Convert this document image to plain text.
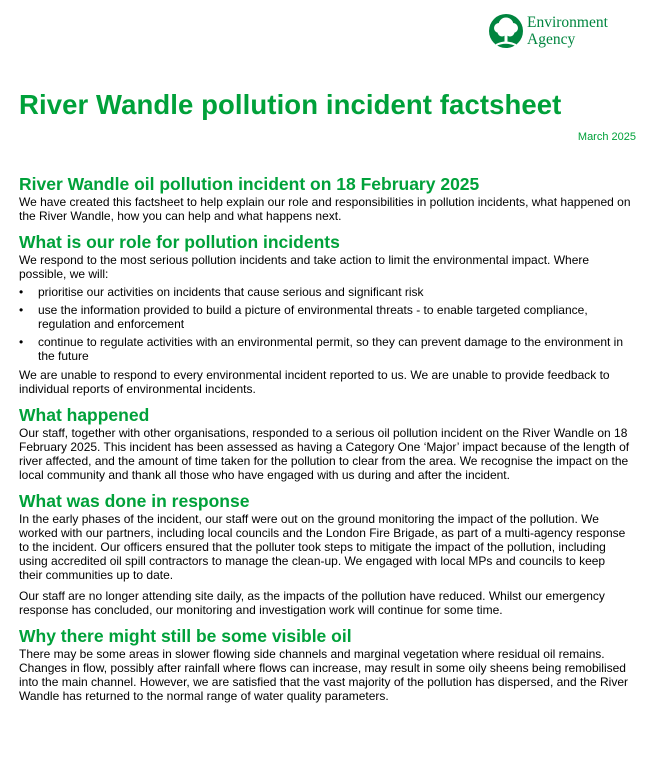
Environment
Agency
River Wandle pollution incident factsheet
March 2025
River Wandle oil pollution incident on 18 February 2025

We have created this factsheet to help explain our role and responsibilities in pollution incidents, what happened on the River Wandle, how you can help and what happens next.

What is our role for pollution incidents

We respond to the most serious pollution incidents and take action to limit the environmental impact. Where possible, we will:

• prioritise our activities on incidents that cause serious and significant risk
• use the information provided to build a picture of environmental threats - to enable targeted compliance, regulation and enforcement
• continue to regulate activities with an environmental permit, so they can prevent damage to the environment in the future

We are unable to respond to every environmental incident reported to us. We are unable to provide feedback to individual reports of environmental incidents.

What happened

Our staff, together with other organisations, responded to a serious oil pollution incident on the River Wandle on 18 February 2025. This incident has been assessed as having a Category One ‘Major’ impact because of the length of river affected, and the amount of time taken for the pollution to clear from the area. We recognise the impact on the local community and thank all those who have engaged with us during and after the incident.

What was done in response

In the early phases of the incident, our staff were out on the ground monitoring the impact of the pollution. We worked with our partners, including local councils and the London Fire Brigade, as part of a multi-agency response to the incident. Our officers ensured that the polluter took steps to mitigate the impact of the pollution, including using accredited oil spill contractors to manage the clean-up. We engaged with local MPs and councils to keep their communities up to date.

Our staff are no longer attending site daily, as the impacts of the pollution have reduced. Whilst our emergency response has concluded, our monitoring and investigation work will continue for some time.

Why there might still be some visible oil

There may be some areas in slower flowing side channels and marginal vegetation where residual oil remains. Changes in flow, possibly after rainfall where flows can increase, may result in some oily sheens being remobilised into the main channel. However, we are satisfied that the vast majority of the pollution has dispersed, and the River Wandle has returned to the normal range of water quality parameters.
